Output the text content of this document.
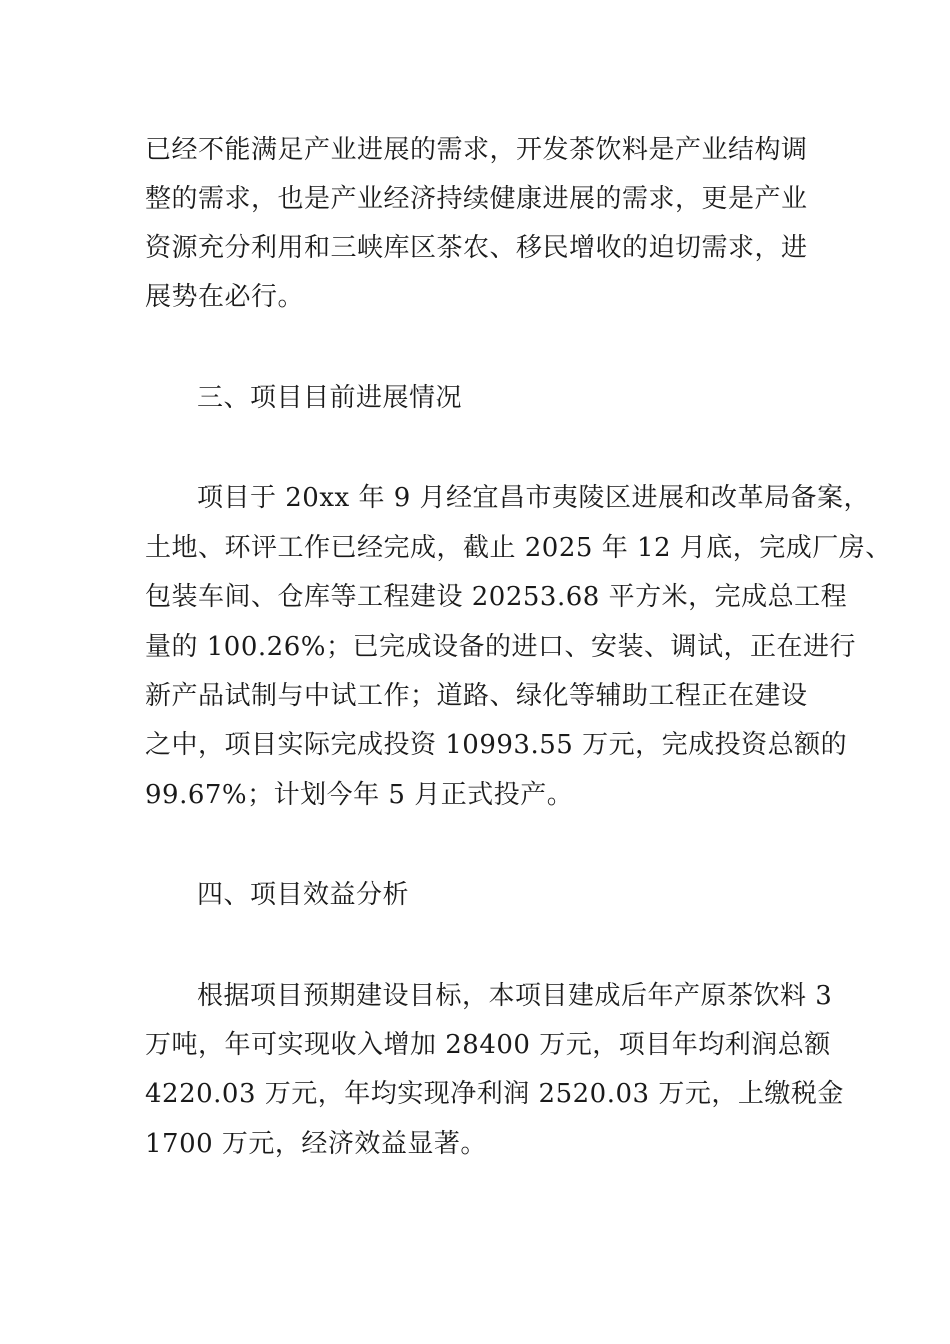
已经不能满足产业进展的需求，开发茶饮料是产业结构调
整的需求，也是产业经济持续健康进展的需求，更是产业
资源充分利用和三峡库区茶农、移民增收的迫切需求，进
展势在必行。
三、项目目前进展情况
项目于 20xx 年 9 月经宜昌市夷陵区进展和改革局备案，
土地、环评工作已经完成，截止 2025 年 12 月底，完成厂房、
包装车间、仓库等工程建设 20253.68 平方米，完成总工程
量的 100.26%；已完成设备的进口、安装、调试，正在进行
新产品试制与中试工作；道路、绿化等辅助工程正在建设
之中，项目实际完成投资 10993.55 万元，完成投资总额的
99.67%；计划今年 5 月正式投产。
四、项目效益分析
根据项目预期建设目标，本项目建成后年产原茶饮料 3
万吨，年可实现收入增加 28400 万元，项目年均利润总额
4220.03 万元，年均实现净利润 2520.03 万元，上缴税金
1700 万元，经济效益显著。
